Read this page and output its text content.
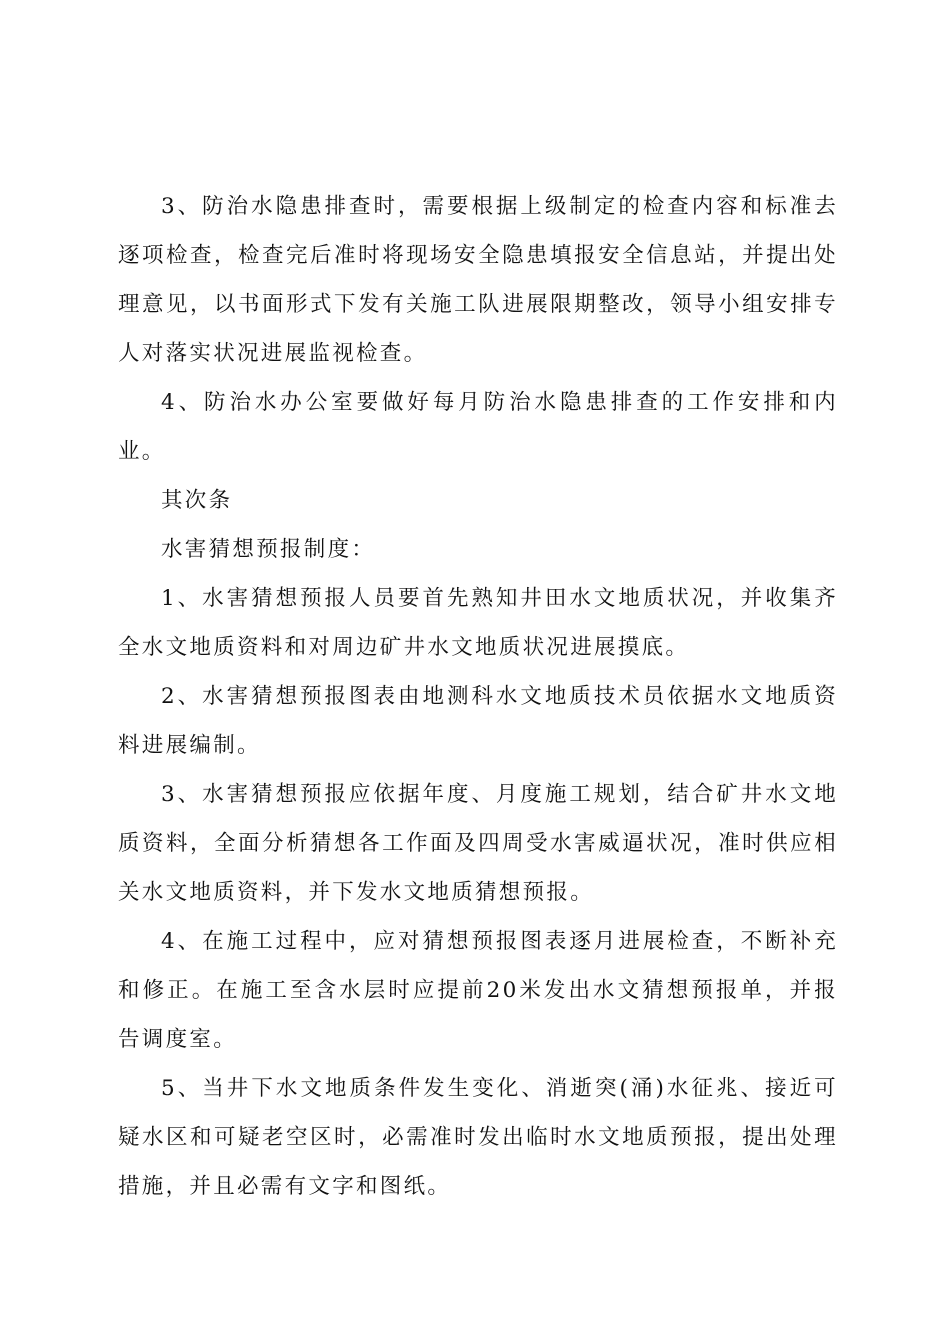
3、防治水隐患排查时，需要根据上级制定的检查内容和标准去逐项检查，检查完后准时将现场安全隐患填报安全信息站，并提出处理意见，以书面形式下发有关施工队进展限期整改，领导小组安排专人对落实状况进展监视检查。

4、防治水办公室要做好每月防治水隐患排查的工作安排和内业。

其次条

水害猜想预报制度：

1、水害猜想预报人员要首先熟知井田水文地质状况，并收集齐全水文地质资料和对周边矿井水文地质状况进展摸底。

2、水害猜想预报图表由地测科水文地质技术员依据水文地质资料进展编制。

3、水害猜想预报应依据年度、月度施工规划，结合矿井水文地质资料，全面分析猜想各工作面及四周受水害威逼状况，准时供应相关水文地质资料，并下发水文地质猜想预报。

4、在施工过程中，应对猜想预报图表逐月进展检查，不断补充和修正。在施工至含水层时应提前20米发出水文猜想预报单，并报告调度室。

5、当井下水文地质条件发生变化、消逝突(涌)水征兆、接近可疑水区和可疑老空区时，必需准时发出临时水文地质预报，提出处理措施，并且必需有文字和图纸。
